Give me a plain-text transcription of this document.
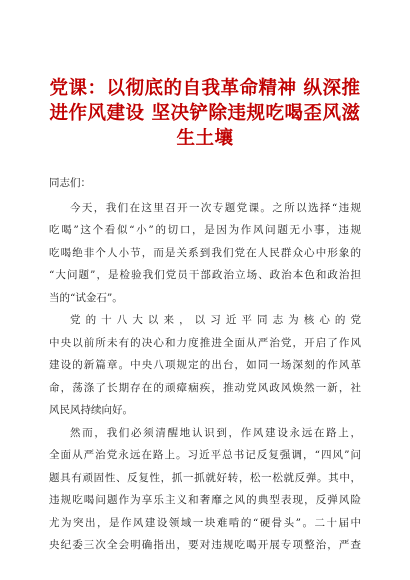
党课：以彻底的自我革命精神 纵深推
进作风建设 坚决铲除违规吃喝歪风滋
生土壤
同志们：
今天，我们在这里召开一次专题党课。之所以选择“违规
吃喝”这个看似“小”的切口，是因为作风问题无小事，违规
吃喝绝非个人小节，而是关系到我们党在人民群众心中形象的
“大问题”，是检验我们党员干部政治立场、政治本色和政治担
当的“试金石”。
党的十八大以来，以习近平同志为核心的党
中央以前所未有的决心和力度推进全面从严治党，开启了作风
建设的新篇章。中央八项规定的出台，如同一场深刻的作风革
命，荡涤了长期存在的顽瘴痼疾，推动党风政风焕然一新，社
风民风持续向好。
然而，我们必须清醒地认识到，作风建设永远在路上，
全面从严治党永远在路上。习近平总书记反复强调，“四风”问
题具有顽固性、反复性，抓一抓就好转，松一松就反弹。其中，
违规吃喝问题作为享乐主义和奢靡之风的典型表现，反弹风险
尤为突出，是作风建设领域一块难啃的“硬骨头”。二十届中
央纪委三次全会明确指出，要对违规吃喝开展专项整治，严查
